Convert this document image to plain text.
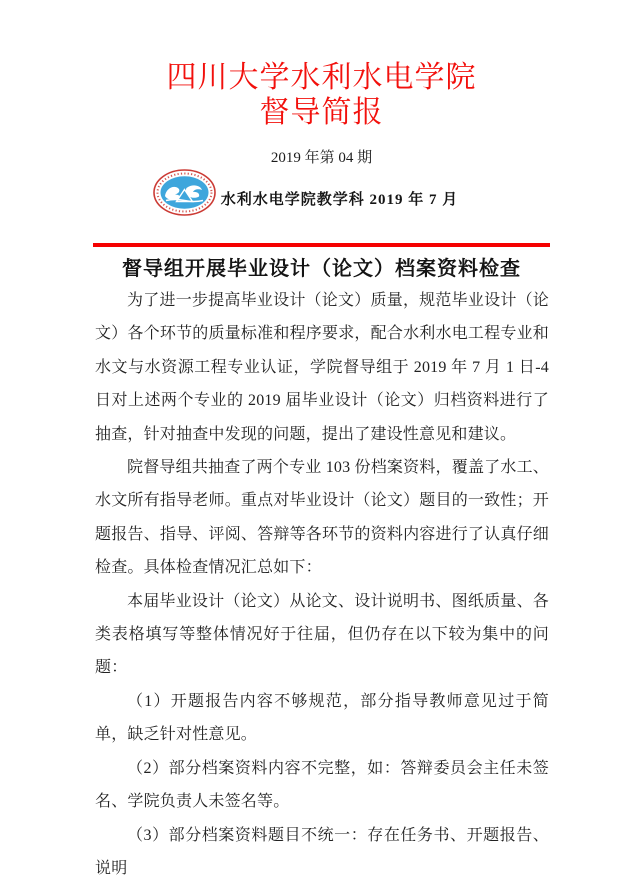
四川大学水利水电学院
督导简报
2019 年第 04 期
水利水电学院教学科 2019 年 7 月
督导组开展毕业设计（论文）档案资料检查

为了进一步提高毕业设计（论文）质量，规范毕业设计（论文）各个环节的质量标准和程序要求，配合水利水电工程专业和水文与水资源工程专业认证，学院督导组于 2019 年 7 月 1 日-4 日对上述两个专业的 2019 届毕业设计（论文）归档资料进行了抽查，针对抽查中发现的问题，提出了建设性意见和建议。

院督导组共抽查了两个专业 103 份档案资料，覆盖了水工、水文所有指导老师。重点对毕业设计（论文）题目的一致性；开题报告、指导、评阅、答辩等各环节的资料内容进行了认真仔细检查。具体检查情况汇总如下：

本届毕业设计（论文）从论文、设计说明书、图纸质量、各类表格填写等整体情况好于往届，但仍存在以下较为集中的问题：

（1）开题报告内容不够规范，部分指导教师意见过于简单，缺乏针对性意见。

（2）部分档案资料内容不完整，如：答辩委员会主任未签名、学院负责人未签名等。

（3）部分档案资料题目不统一：存在任务书、开题报告、说明
